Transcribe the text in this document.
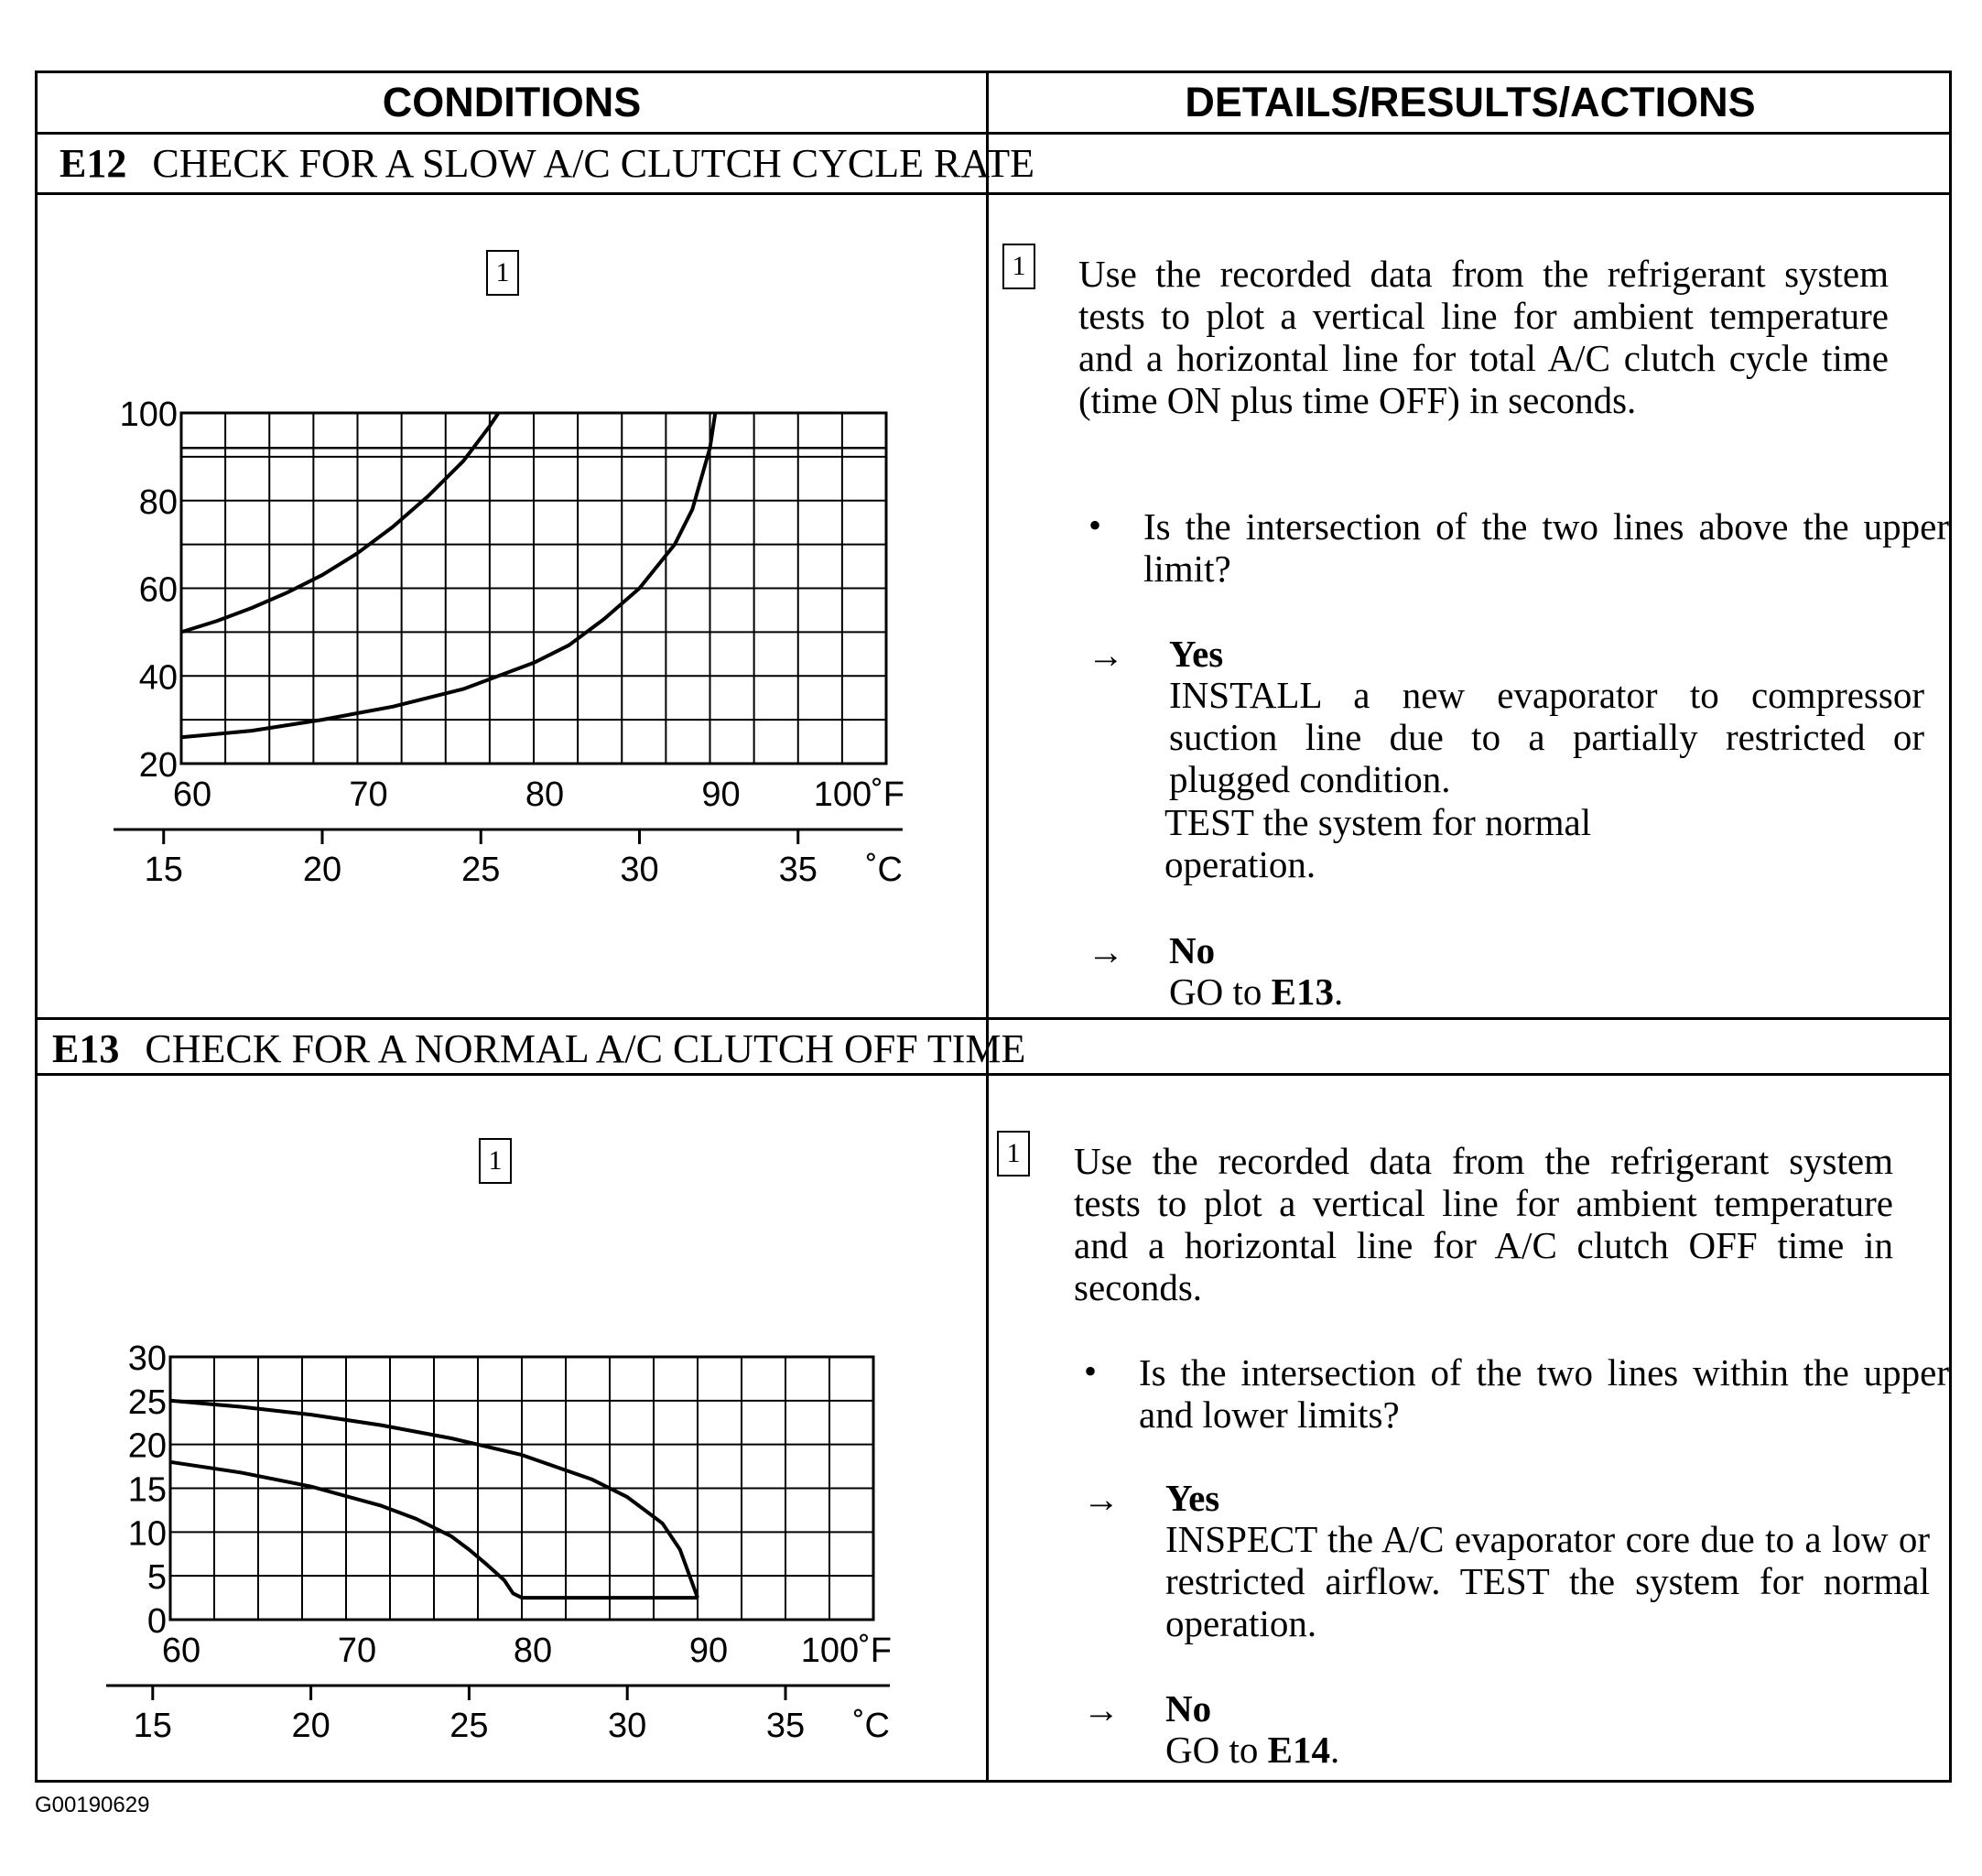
CONDITIONS	DETAILS/RESULTS/ACTIONS
E12 CHECK FOR A SLOW A/C CLUTCH CYCLE RATE
1
20
40
60
80
100
60	70	80	90 100˚F
15	20	25	30	35 ˚C
1 Use the recorded data from the refrigerant system tests to plot a vertical line for ambient temperature and a horizontal line for total A/C clutch cycle time (time ON plus time OFF) in seconds.
• Is the intersection of the two lines above the upper limit?
→ Yes
INSTALL a new evaporator to compressor suction line due to a partially restricted or plugged condition.
TEST the system for normal operation.
→ No
GO to E13.
E13 CHECK FOR A NORMAL A/C CLUTCH OFF TIME
1
0
5
10
15
20
25
30
60	70	80	90 100˚F
15	20	25	30	35 ˚C
1 Use the recorded data from the refrigerant system tests to plot a vertical line for ambient temperature and a horizontal line for A/C clutch OFF time in seconds.
• Is the intersection of the two lines within the upper and lower limits?
→ Yes
INSPECT the A/C evaporator core due to a low or restricted airflow. TEST the system for normal operation.
→ No
GO to E14.
G00190629
